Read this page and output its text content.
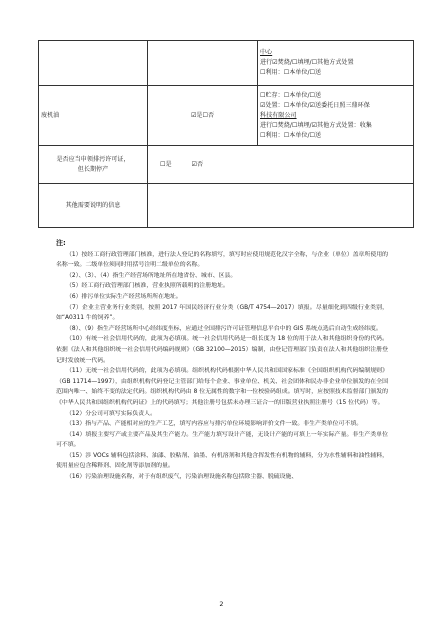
		中心
进行☑焚烧/☐填埋/☐其他方式处置
☐利用：☐本单位/☐送

废机油	☑是☐否	☐贮存：☐本单位/☐送
☑处置：☐本单位/☑送委托日照三鼎环保
科技有限公司
进行☐焚烧/☐填埋/☑其他方式处置：收集
☐利用：☐本单位/☐送

是否应当申领排污许可证，
但长期停产	☐是 ☑否	
其他需要说明的信息		
注:

（1）按经工商行政管理部门核准，进行法人登记的名称填写，填写时应使用规范化汉字全称，与企业（单位）盖章所使用的名称一致。二级单位须同时用括号注明二级单位的名称。

（2）、（3）、（4）指生产经营场所地址所在地省份、城市、区县。

（5）经工商行政管理部门核准，营业执照所载明的注册地址。

（6）排污单位实际生产经营场所所在地址。

（7）企业主营业务行业类别，按照 2017 年国民经济行业分类（GB/T 4754—2017）填报。尽量细化到四级行业类别，如“A0311 牛的饲养”。

（8）、（9）指生产经营场所中心经纬度坐标，应通过全国排污许可证管理信息平台中的 GIS 系统点选后自动生成经纬度。

（10）有统一社会信用代码的，此项为必填项。统一社会信用代码是一组长度为 18 位的用于法人和其他组织身份的代码。依据《法人和其他组织统一社会信用代码编码规则》（GB 32100—2015）编制，由登记管理部门负责在法人和其他组织注册登记时发放统一代码。

（11）无统一社会信用代码的，此项为必填项。组织机构代码根据中华人民共和国国家标准《全国组织机构代码编制规则》（GB 11714—1997），由组织机构代码登记主管部门给每个企业、事业单位、机关、社会团体和民办非企业单位颁发的在全国范围内唯一、始终不变的法定代码。组织机构代码由 8 位无属性的数字和一位校验码组成。填写时，应按照技术监督部门颁发的《中华人民共和国组织机构代码证》上的代码填写；其他注册号包括未办理三证合一的旧版营业执照注册号（15 位代码）等。

（12）分公司可填写实际负责人。

（13）指与产品、产能相对应的生产工艺，填写内容应与排污单位环境影响评价文件一致。非生产类单位可不填。

（14）填报主要写产或主要产品及其生产能力。生产能力填写设计产能，无设计产能的可填上一年实际产量。非生产类单位可不填。

（15）涉 VOCs 辅料包括涂料、油漆、胶粘剂、油墨、有机溶剂和其他含挥发性有机物的辅料，分为水性辅料和油性辅料，使用量应包含稀释剂、固化剂等添加剂的量。

（16）污染治理设施名称，对于有组织废气，污染治理设施名称包括除尘器、脱硫设施、

2
